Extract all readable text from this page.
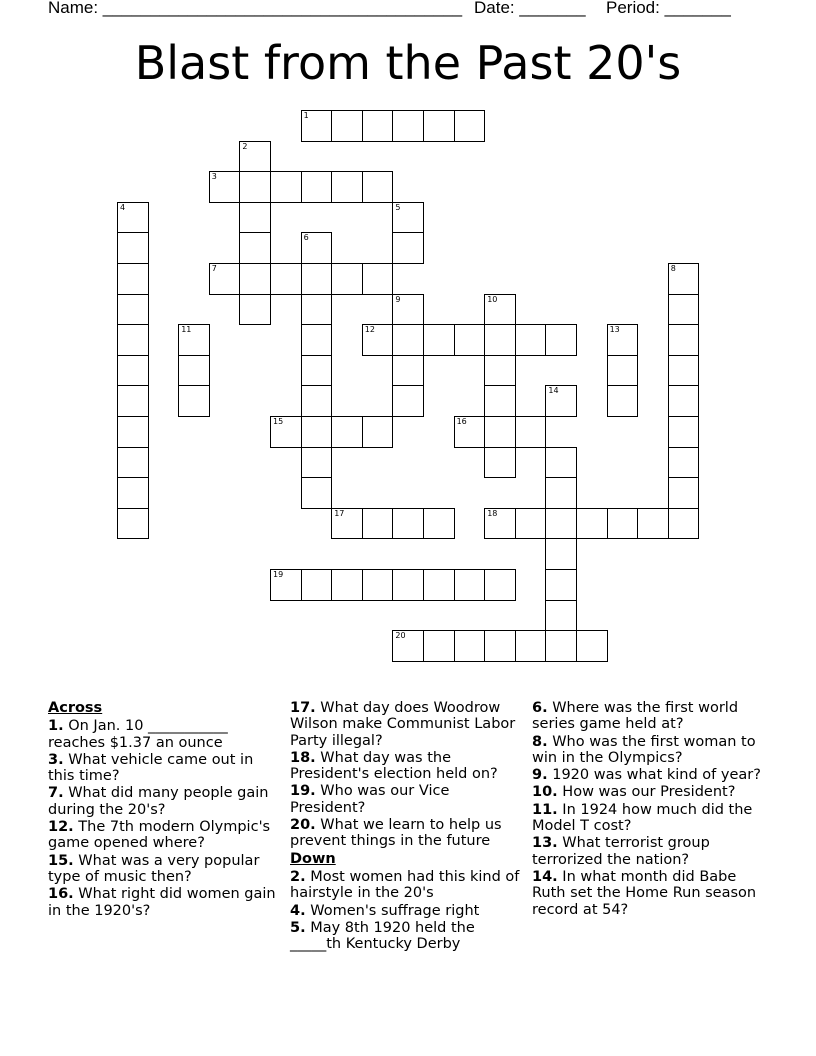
Name: ______________________________________ Date: _______ Period: _______
Blast from the Past 20's
1
2
3
4	5
6
7	8
9	10
11	12	13
14
15	16
17	18
19
20
Across
1. On Jan. 10 ___________ reaches $1.37 an ounce
3. What vehicle came out in this time?
7. What did many people gain during the 20's?
12. The 7th modern Olympic's game opened where?
15. What was a very popular type of music then?
16. What right did women gain in the 1920's?
17. What day does Woodrow Wilson make Communist Labor Party illegal?
18. What day was the President's election held on?
19. Who was our Vice President?
20. What we learn to help us prevent things in the future
Down
2. Most women had this kind of hairstyle in the 20's
4. Women's suffrage right
5. May 8th 1920 held the _____th Kentucky Derby
6. Where was the first world series game held at?
8. Who was the first woman to win in the Olympics?
9. 1920 was what kind of year?
10. How was our President?
11. In 1924 how much did the Model T cost?
13. What terrorist group terrorized the nation?
14. In what month did Babe Ruth set the Home Run season record at 54?
